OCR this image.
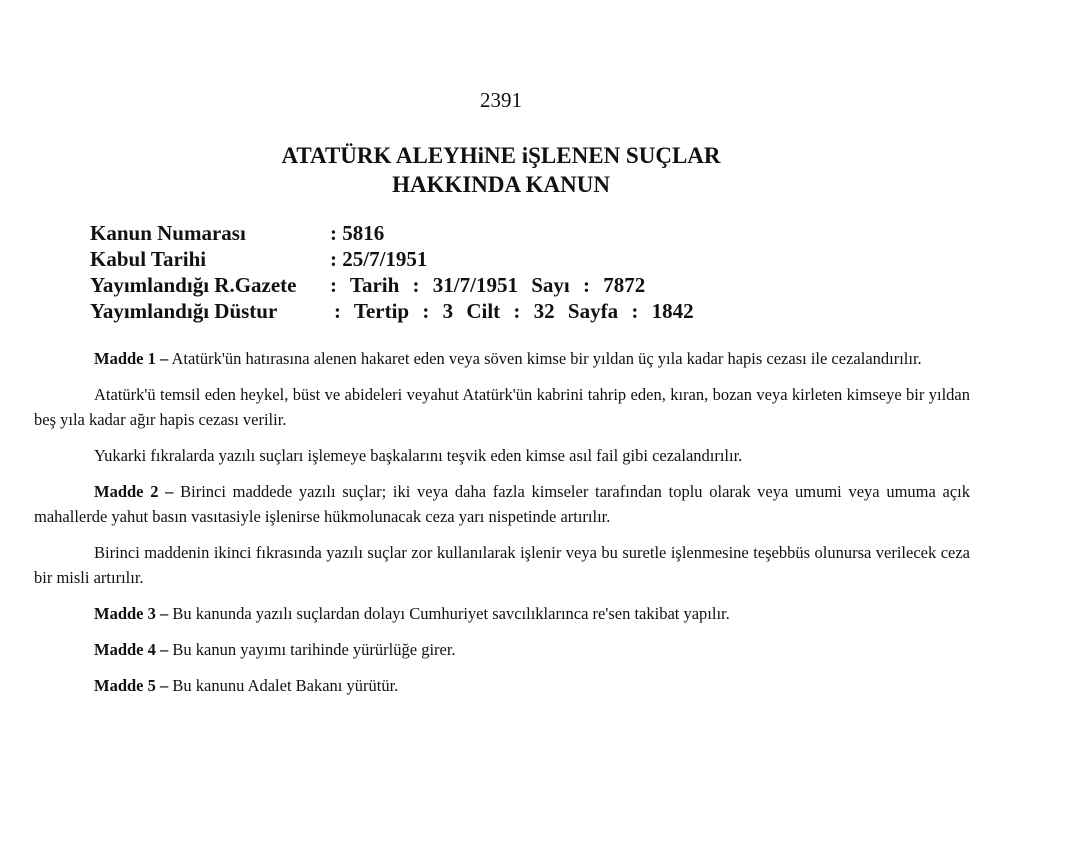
2391
ATATÜRK ALEYHiNE iŞLENEN SUÇLAR
HAKKINDA KANUN
Kanun Numarası	: 5816
Kabul Tarihi	: 25/7/1951
Yayımlandığı R.Gazete : Tarih : 31/7/1951 Sayı : 7872
Yayımlandığı Düstur	: Tertip : 3 Cilt : 32 Sayfa : 1842

Madde 1 – Atatürk'ün hatırasına alenen hakaret eden veya söven kimse bir yıldan üç yıla kadar hapis cezası ile cezalandırılır.

Atatürk'ü temsil eden heykel, büst ve abideleri veyahut Atatürk'ün kabrini tahrip eden, kıran, bozan veya kirleten kimseye bir yıldan beş yıla kadar ağır hapis cezası verilir.

Yukarki fıkralarda yazılı suçları işlemeye başkalarını teşvik eden kimse asıl fail gibi cezalandırılır.

Madde 2 – Birinci maddede yazılı suçlar; iki veya daha fazla kimseler tarafından toplu olarak veya umumi veya umuma açık mahallerde yahut basın vasıtasiyle işlenirse hükmolunacak ceza yarı nispetinde artırılır.

Birinci maddenin ikinci fıkrasında yazılı suçlar zor kullanılarak işlenir veya bu suretle işlenmesine teşebbüs olunursa verilecek ceza bir misli artırılır.

Madde 3 – Bu kanunda yazılı suçlardan dolayı Cumhuriyet savcılıklarınca re'sen takibat yapılır.

Madde 4 – Bu kanun yayımı tarihinde yürürlüğe girer.

Madde 5 – Bu kanunu Adalet Bakanı yürütür.
